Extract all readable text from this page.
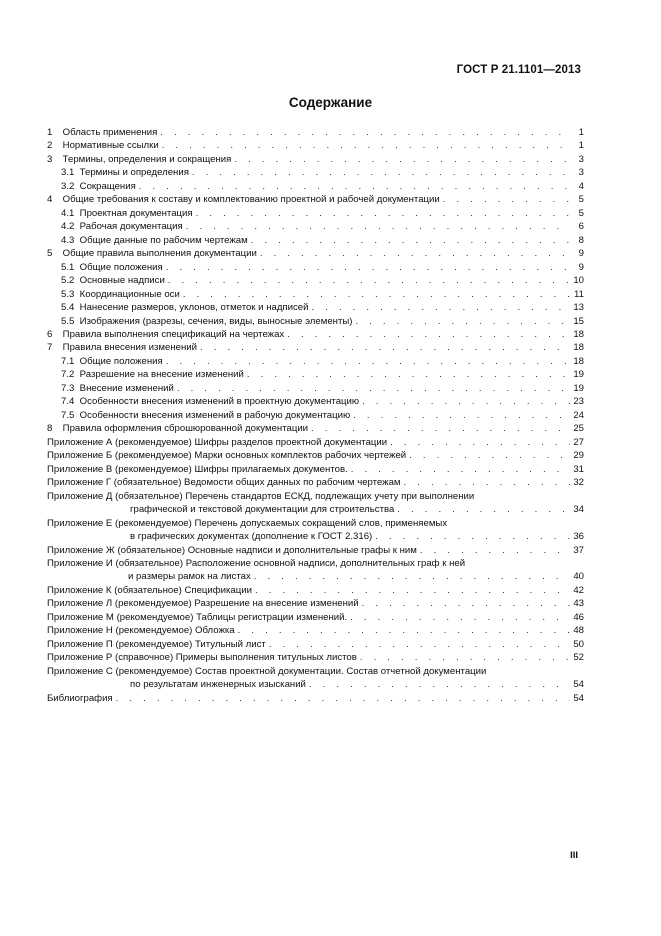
ГОСТ Р 21.1101—2013
Содержание
1 Область применения . . .	1
2 Нормативные ссылки . . .	1
3 Термины, определения и сокращения . . .	3
3.1 Термины и определения . . .	3
3.2 Сокращения . . .	4
4 Общие требования к составу и комплектованию проектной и рабочей документации . . .	5
4.1 Проектная документация . . .	5
4.2 Рабочая документация . . .	6
4.3 Общие данные по рабочим чертежам . . .	8
5 Общие правила выполнения документации . . .	9
5.1 Общие положения . . .	9
5.2 Основные надписи . . .	10
5.3 Координационные оси . . .	11
5.4 Нанесение размеров, уклонов, отметок и надписей . . .	13
5.5 Изображения (разрезы, сечения, виды, выносные элементы) . . .	15
6 Правила выполнения спецификаций на чертежах . . .	18
7 Правила внесения изменений . . .	18
7.1 Общие положения . . .	18
7.2 Разрешение на внесение изменений . . .	19
7.3 Внесение изменений . . .	19
7.4 Особенности внесения изменений в проектную документацию . . .	23
7.5 Особенности внесения изменений в рабочую документацию . . .	24
8 Правила оформления сброшюрованной документации . . .	25
Приложение А (рекомендуемое) Шифры разделов проектной документации . . .	27
Приложение Б (рекомендуемое) Марки основных комплектов рабочих чертежей . . .	29
Приложение В (рекомендуемое) Шифры прилагаемых документов. . . .	31
Приложение Г (обязательное) Ведомости общих данных по рабочим чертежам . . .	32
Приложение Д (обязательное) Перечень стандартов ЕСКД, подлежащих учету при выполнении
графической и текстовой документации для строительства . . .	34
Приложение Е (рекомендуемое) Перечень допускаемых сокращений слов, применяемых
в графических документах (дополнение к ГОСТ 2.316) . . .	36
Приложение Ж (обязательное) Основные надписи и дополнительные графы к ним . . .	37
Приложение И (обязательное) Расположение основной надписи, дополнительных граф к ней
и размеры рамок на листах . . .	40
Приложение К (обязательное) Спецификации . . .	42
Приложение Л (рекомендуемое) Разрешение на внесение изменений . . .	43
Приложение М (рекомендуемое) Таблицы регистрации изменений. . . .	46
Приложение Н (рекомендуемое) Обложка . . .	48
Приложение П (рекомендуемое) Титульный лист . . .	50
Приложение Р (справочное) Примеры выполнения титульных листов . . .	52
Приложение С (рекомендуемое) Состав проектной документации. Состав отчетной документации
по результатам инженерных изысканий . . .	54
Библиография . . .	54
III
